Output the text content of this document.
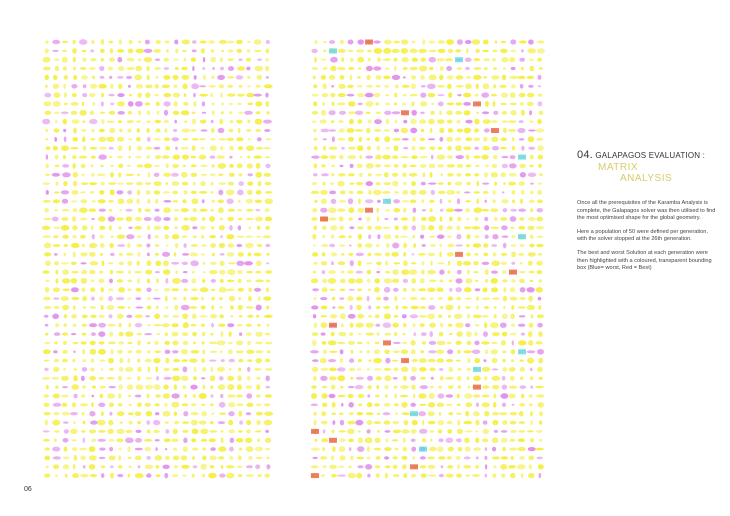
04. GALAPAGOS EVALUATION :
MATRIX
ANALYSIS

Once all the prerequisites of the Karamba Analysis is complete, the Galapagos solver was then utilised to find the most optimised shape for the global geometry.

Here a population of 50 were defined per generation, with the solver stopped at the 26th generation.

The best and worst Solution at each generation were then highlighted with a coloured, transparent bounding box (Blue= worst, Red = Best)

06
